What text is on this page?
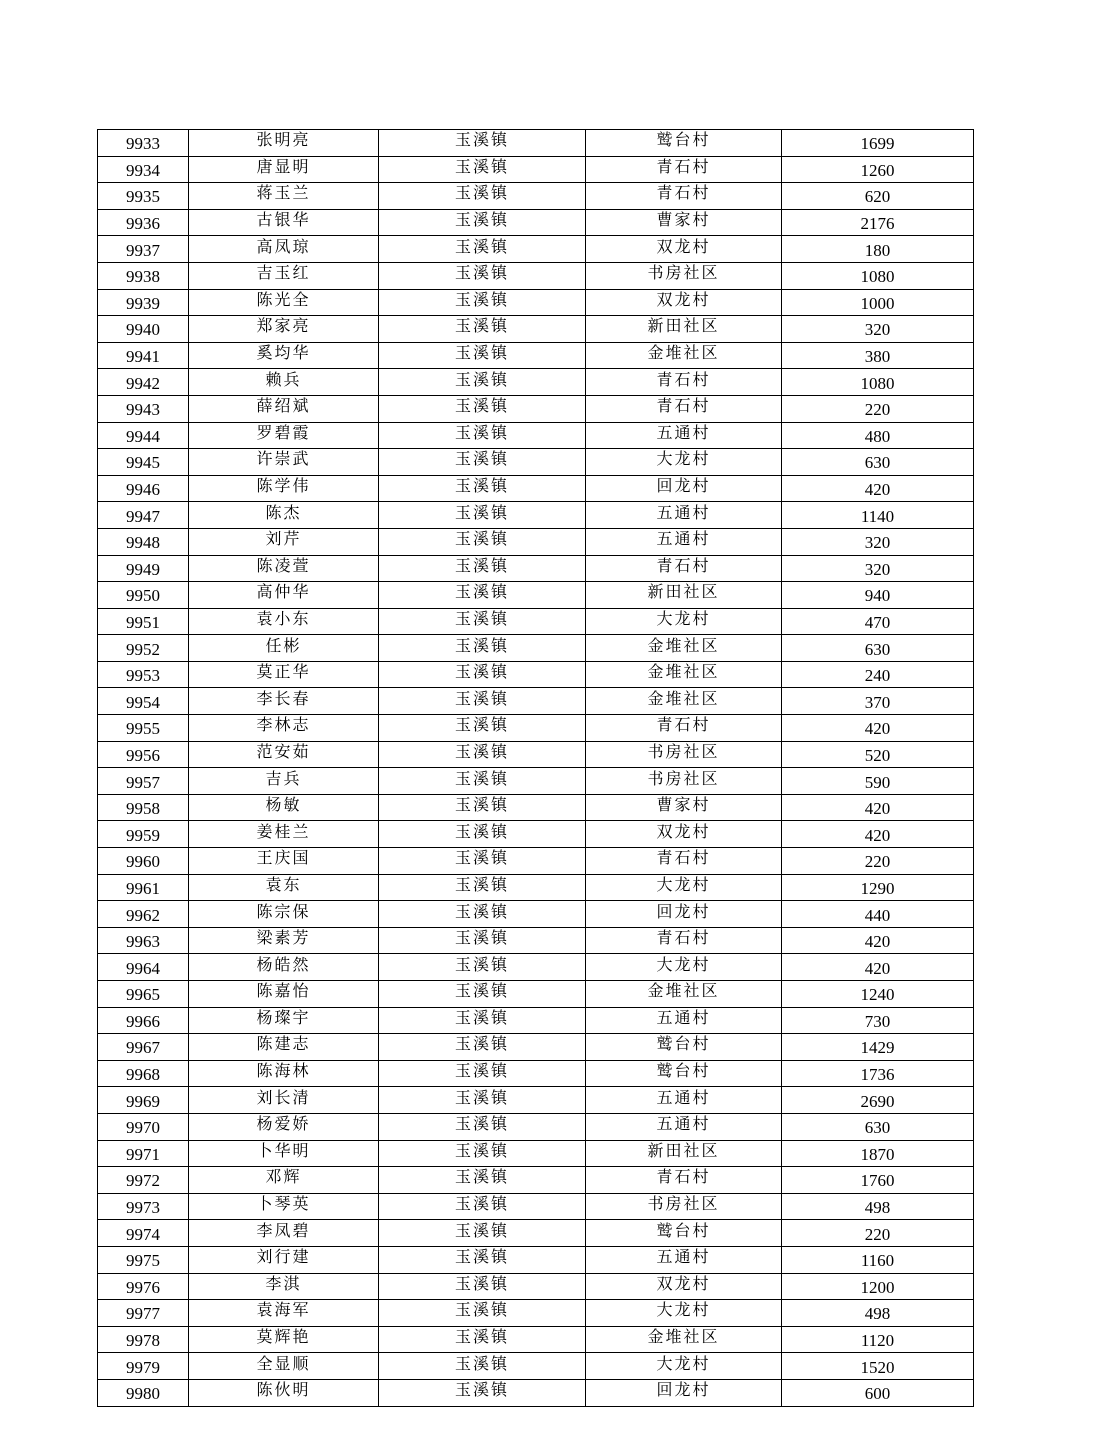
9933	张明亮	玉溪镇	鹫台村	1699
9934	唐显明	玉溪镇	青石村	1260
9935	蒋玉兰	玉溪镇	青石村	620
9936	古银华	玉溪镇	曹家村	2176
9937	高凤琼	玉溪镇	双龙村	180
9938	吉玉红	玉溪镇	书房社区	1080
9939	陈光全	玉溪镇	双龙村	1000
9940	郑家亮	玉溪镇	新田社区	320
9941	奚均华	玉溪镇	金堆社区	380
9942	赖兵	玉溪镇	青石村	1080
9943	薛绍斌	玉溪镇	青石村	220
9944	罗碧霞	玉溪镇	五通村	480
9945	许崇武	玉溪镇	大龙村	630
9946	陈学伟	玉溪镇	回龙村	420
9947	陈杰	玉溪镇	五通村	1140
9948	刘芹	玉溪镇	五通村	320
9949	陈凌萱	玉溪镇	青石村	320
9950	高仲华	玉溪镇	新田社区	940
9951	袁小东	玉溪镇	大龙村	470
9952	任彬	玉溪镇	金堆社区	630
9953	莫正华	玉溪镇	金堆社区	240
9954	李长春	玉溪镇	金堆社区	370
9955	李林志	玉溪镇	青石村	420
9956	范安茹	玉溪镇	书房社区	520
9957	吉兵	玉溪镇	书房社区	590
9958	杨敏	玉溪镇	曹家村	420
9959	姜桂兰	玉溪镇	双龙村	420
9960	王庆国	玉溪镇	青石村	220
9961	袁东	玉溪镇	大龙村	1290
9962	陈宗保	玉溪镇	回龙村	440
9963	梁素芳	玉溪镇	青石村	420
9964	杨皓然	玉溪镇	大龙村	420
9965	陈嘉怡	玉溪镇	金堆社区	1240
9966	杨璨宇	玉溪镇	五通村	730
9967	陈建志	玉溪镇	鹫台村	1429
9968	陈海林	玉溪镇	鹫台村	1736
9969	刘长清	玉溪镇	五通村	2690
9970	杨爱娇	玉溪镇	五通村	630
9971	卜华明	玉溪镇	新田社区	1870
9972	邓辉	玉溪镇	青石村	1760
9973	卜琴英	玉溪镇	书房社区	498
9974	李凤碧	玉溪镇	鹫台村	220
9975	刘行建	玉溪镇	五通村	1160
9976	李淇	玉溪镇	双龙村	1200
9977	袁海军	玉溪镇	大龙村	498
9978	莫辉艳	玉溪镇	金堆社区	1120
9979	全显顺	玉溪镇	大龙村	1520
9980	陈伙明	玉溪镇	回龙村	600
